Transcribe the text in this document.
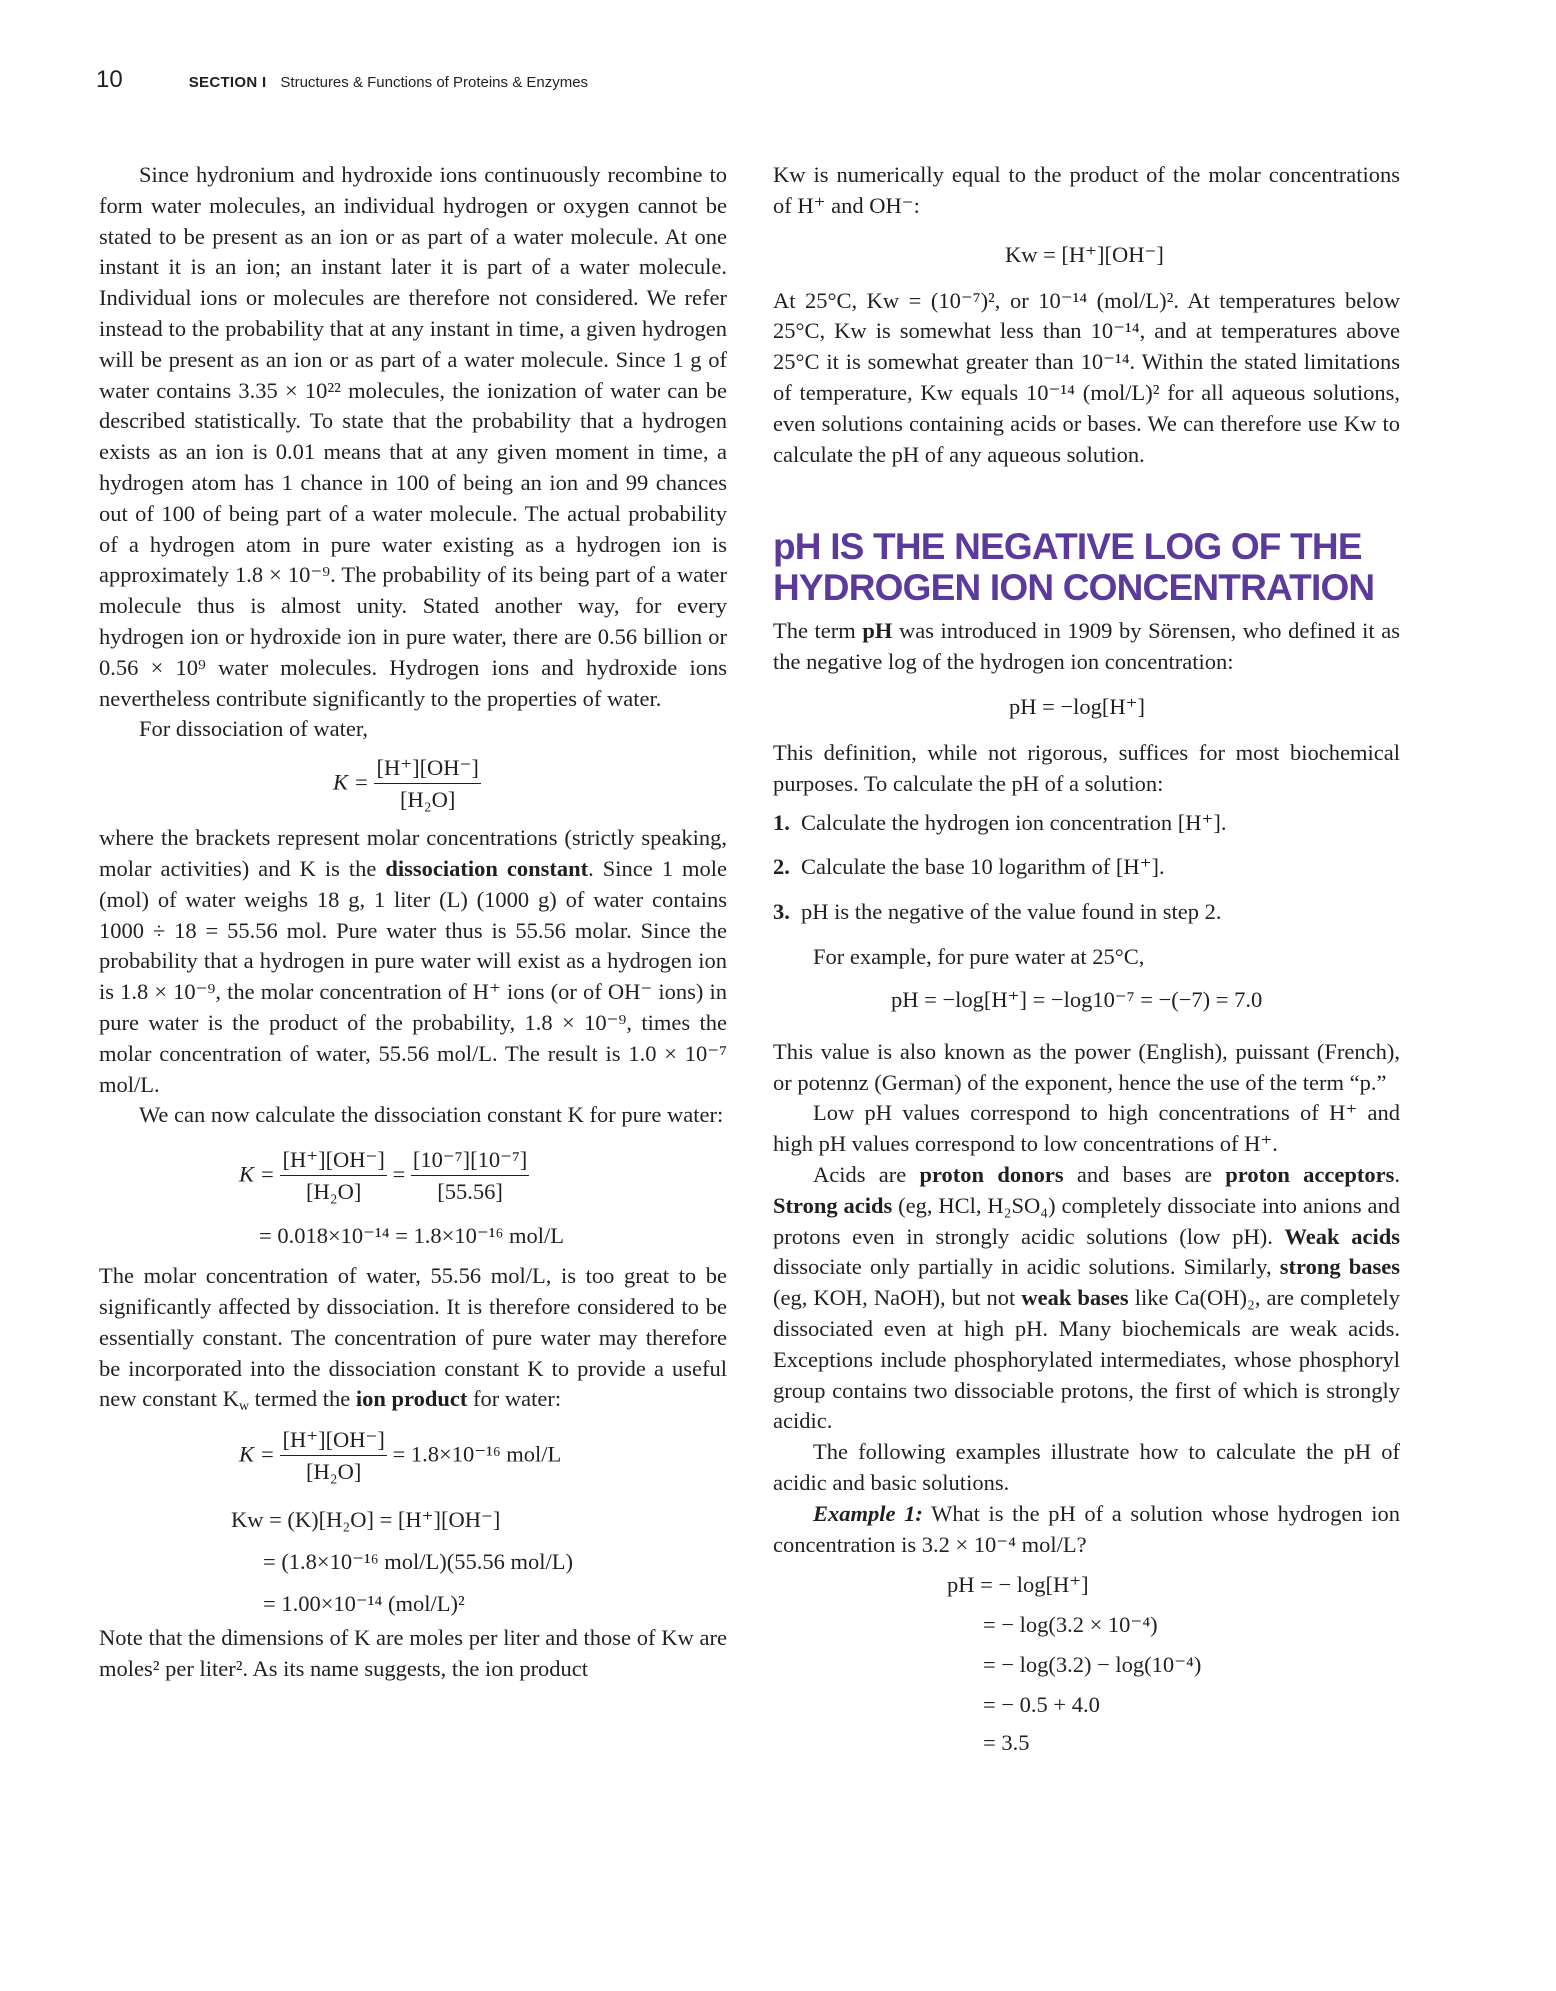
10	SECTION I Structures & Functions of Proteins & Enzymes

Since hydronium and hydroxide ions continuously recombine to form water molecules, an individual hydrogen or oxygen cannot be stated to be present as an ion or as part of a water molecule. At one instant it is an ion; an instant later it is part of a water molecule. Individual ions or molecules are therefore not considered. We refer instead to the probability that at any instant in time, a given hydrogen will be present as an ion or as part of a water molecule. Since 1 g of water contains 3.35 × 10²² molecules, the ionization of water can be described statistically. To state that the probability that a hydrogen exists as an ion is 0.01 means that at any given moment in time, a hydrogen atom has 1 chance in 100 of being an ion and 99 chances out of 100 of being part of a water molecule. The actual probability of a hydrogen atom in pure water existing as a hydrogen ion is approximately 1.8 × 10⁻⁹. The probability of its being part of a water molecule thus is almost unity. Stated another way, for every hydrogen ion or hydroxide ion in pure water, there are 0.56 billion or 0.56 × 10⁹ water molecules. Hydrogen ions and hydroxide ions nevertheless contribute significantly to the properties of water.

For dissociation of water,

$K = \frac{[H^+][OH^-]}{\text{[H₂O]}}$

where the brackets represent molar concentrations (strictly speaking, molar activities) and K is the dissociation constant. Since 1 mole (mol) of water weighs 18 g, 1 liter (L) (1000 g) of water contains 1000 ÷ 18 = 55.56 mol. Pure water thus is 55.56 molar. Since the probability that a hydrogen in pure water will exist as a hydrogen ion is 1.8 × 10⁻⁹, the molar concentration of H⁺ ions (or of OH⁻ ions) in pure water is the product of the probability, 1.8 × 10⁻⁹, times the molar concentration of water, 55.56 mol/L. The result is 1.0 × 10⁻⁷ mol/L.

We can now calculate the dissociation constant K for pure water:

$K = \frac{[H^+][OH^-]}{\text{[H₂O]}} = \frac{\text{[10⁻⁷][10⁻⁷]}}{[55.56]}$
= 0.018×10⁻¹⁴ = 1.8×10⁻¹⁶ mol/L

The molar concentration of water, 55.56 mol/L, is too great to be significantly affected by dissociation. It is therefore considered to be essentially constant. The concentration of pure water may therefore be incorporated into the dissociation constant K to provide a useful new constant $K_w$ termed the ion product for water:

$K = \frac{[H^+][OH^-]}{\text{[H₂O]}} = 1.8\times 10^{-16}$ mol/L
Kw = (K)[H₂O] = [H⁺][OH⁻]
= (1.8×10⁻¹⁶ mol/L)(55.56 mol/L)
= 1.00×10⁻¹⁴ (mol/L)²

Note that the dimensions of K are moles per liter and those of Kw are moles² per liter². As its name suggests, the ion product

Kw is numerically equal to the product of the molar concentrations of H⁺ and OH⁻:

Kw = [H⁺][OH⁻]

At 25°C, Kw = (10⁻⁷)², or 10⁻¹⁴ (mol/L)². At temperatures below 25°C, Kw is somewhat less than 10⁻¹⁴, and at temperatures above 25°C it is somewhat greater than 10⁻¹⁴. Within the stated limitations of temperature, Kw equals 10⁻¹⁴ (mol/L)² for all aqueous solutions, even solutions containing acids or bases. We can therefore use Kw to calculate the pH of any aqueous solution.

pH IS THE NEGATIVE LOG OF THE
HYDROGEN ION CONCENTRATION

The term pH was introduced in 1909 by Sörensen, who defined it as the negative log of the hydrogen ion concentration:

pH = −log[H⁺]

This definition, while not rigorous, suffices for most biochemical purposes. To calculate the pH of a solution:

1. Calculate the hydrogen ion concentration [H⁺].
2. Calculate the base 10 logarithm of [H⁺].
3. pH is the negative of the value found in step 2.

For example, for pure water at 25°C,

pH = −log[H⁺] = −log10⁻⁷ = −(−7) = 7.0

This value is also known as the power (English), puissant (French), or potennz (German) of the exponent, hence the use of the term “p.”

Low pH values correspond to high concentrations of H⁺ and high pH values correspond to low concentrations of H⁺.

Acids are proton donors and bases are proton acceptors. Strong acids (eg, HCl, H₂SO₄) completely dissociate into anions and protons even in strongly acidic solutions (low pH). Weak acids dissociate only partially in acidic solutions. Similarly, strong bases (eg, KOH, NaOH), but not weak bases like Ca(OH)₂, are completely dissociated even at high pH. Many biochemicals are weak acids. Exceptions include phosphorylated intermediates, whose phosphoryl group contains two dissociable protons, the first of which is strongly acidic.

The following examples illustrate how to calculate the pH of acidic and basic solutions.

Example 1: What is the pH of a solution whose hydrogen ion concentration is 3.2 × 10⁻⁴ mol/L?

pH = − log[H⁺]
= − log(3.2 × 10⁻⁴)
= − log(3.2) − log(10⁻⁴)
= − 0.5 + 4.0
= 3.5
